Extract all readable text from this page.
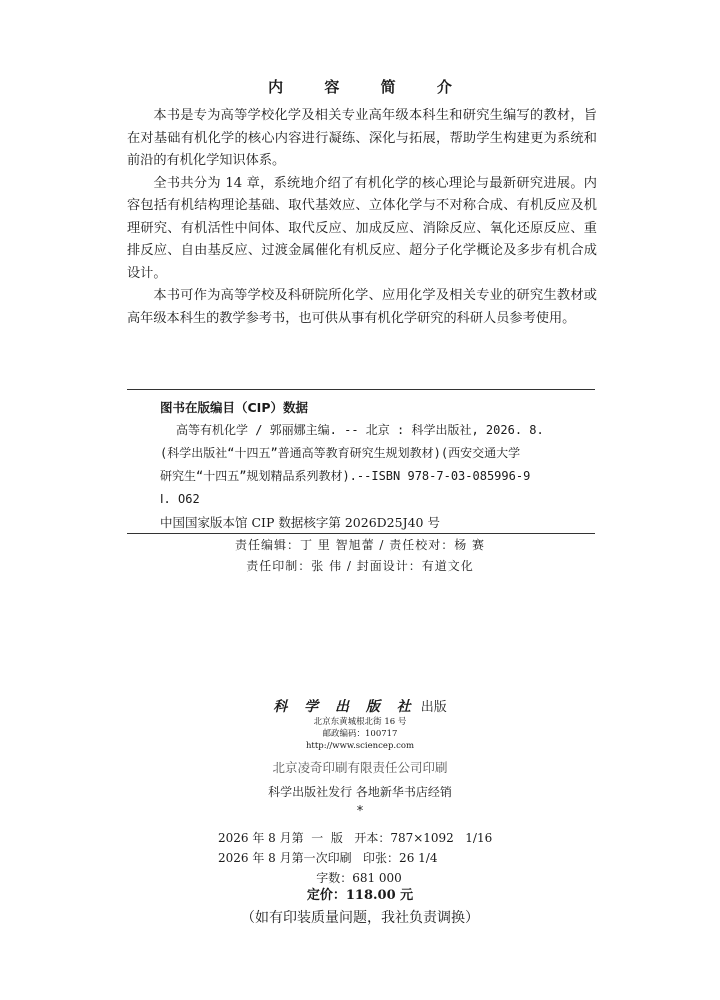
内 容 简 介

本书是专为高等学校化学及相关专业高年级本科生和研究生编写的教材，旨在对基础有机化学的核心内容进行凝练、深化与拓展，帮助学生构建更为系统和前沿的有机化学知识体系。

全书共分为 14 章，系统地介绍了有机化学的核心理论与最新研究进展。内容包括有机结构理论基础、取代基效应、立体化学与不对称合成、有机反应及机理研究、有机活性中间体、取代反应、加成反应、消除反应、氧化还原反应、重排反应、自由基反应、过渡金属催化有机反应、超分子化学概论及多步有机合成设计。

本书可作为高等学校及科研院所化学、应用化学及相关专业的研究生教材或高年级本科生的教学参考书，也可供从事有机化学研究的科研人员参考使用。

图书在版编目（CIP）数据
高等有机化学 / 郭丽娜主编. -- 北京 : 科学出版社, 2026. 8.
(科学出版社“十四五”普通高等教育研究生规划教材)(西安交通大学
研究生“十四五”规划精品系列教材).--ISBN 978-7-03-085996-9
Ⅰ. O62
中国国家版本馆 CIP 数据核字第 2026D25J40 号
责任编辑：丁 里 智旭蕾 / 责任校对：杨 赛
责任印制：张 伟 / 封面设计：有道文化
科 学 出 版 社 出版
北京东黄城根北街 16 号
邮政编码：100717
http://www.sciencep.com
北京凌奇印刷有限责任公司印刷
科学出版社发行 各地新华书店经销
*
2026 年 8 月第  一  版   开本：787×1092   1/16
2026 年 8 月第一次印刷   印张：26 1/4
字数：681 000
定价：118.00 元
（如有印装质量问题，我社负责调换）
